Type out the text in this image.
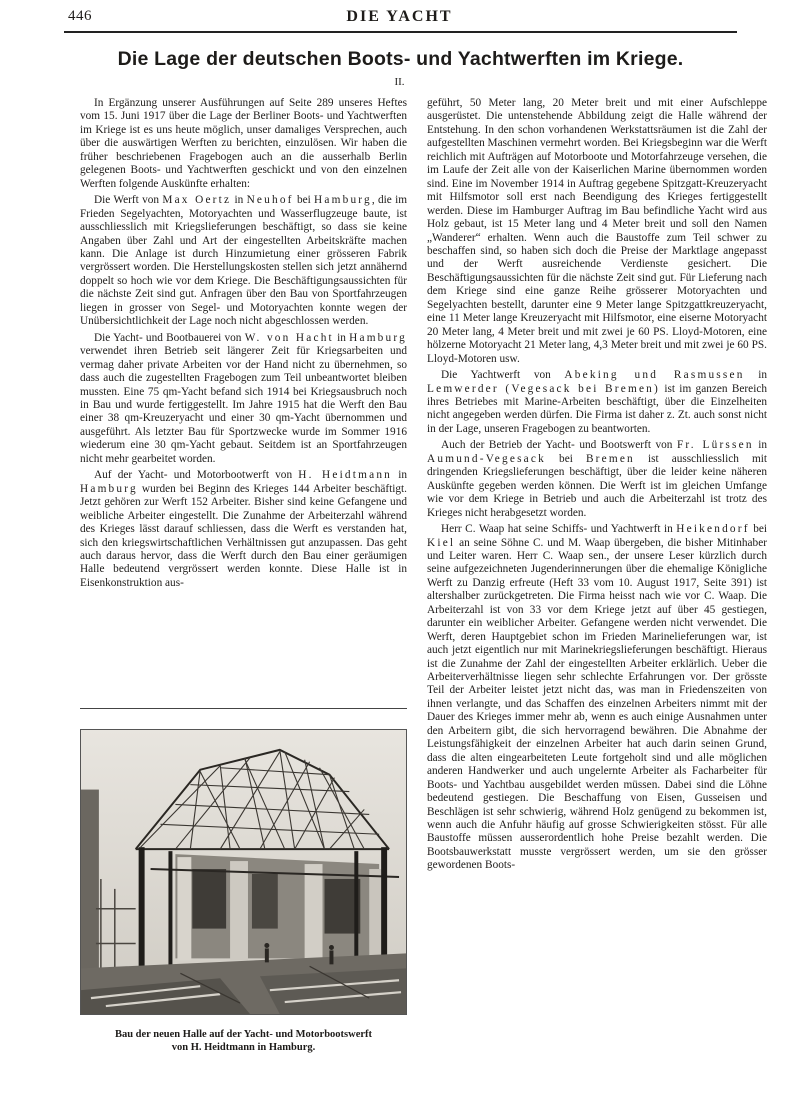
446	DIE YACHT
Die Lage der deutschen Boots- und Yachtwerften im Kriege.
II.

In Ergänzung unserer Ausführungen auf Seite 289 unseres Heftes vom 15. Juni 1917 über die Lage der Berliner Boots- und Yachtwerften im Kriege ist es uns heute möglich, unser damaliges Versprechen, auch über die auswärtigen Werften zu berichten, einzulösen. Wir haben die früher beschriebenen Fragebogen auch an die ausserhalb Berlin gelegenen Boots- und Yachtwerften geschickt und von den einzelnen Werften folgende Auskünfte erhalten:

Die Werft von Max Oertz in Neuhof bei Hamburg, die im Frieden Segelyachten, Motoryachten und Wasserflugzeuge baute, ist ausschliesslich mit Kriegslieferungen beschäftigt, so dass sie keine Angaben über Zahl und Art der eingestellten Arbeitskräfte machen kann. Die Anlage ist durch Hinzumietung einer grösseren Fabrik vergrössert worden. Die Herstellungskosten stellen sich jetzt annähernd doppelt so hoch wie vor dem Kriege. Die Beschäftigungsaussichten für die nächste Zeit sind gut. Anfragen über den Bau von Sportfahrzeugen liegen in grosser von Segel- und Motoryachten konnte wegen der Unübersichtlichkeit der Lage noch nicht abgeschlossen werden.

Die Yacht- und Bootbauerei von W. von Hacht in Hamburg verwendet ihren Betrieb seit längerer Zeit für Kriegsarbeiten und vermag daher private Arbeiten vor der Hand nicht zu übernehmen, so dass auch die zugestellten Fragebogen zum Teil unbeantwortet bleiben mussten. Eine 75 qm-Yacht befand sich 1914 bei Kriegsausbruch noch in Bau und wurde fertiggestellt. Im Jahre 1915 hat die Werft den Bau einer 38 qm-Kreuzeryacht und einer 30 qm-Yacht übernommen und ausgeführt. Als letzter Bau für Sportzwecke wurde im Sommer 1916 wiederum eine 30 qm-Yacht gebaut. Seitdem ist an Sportfahrzeugen nicht mehr gearbeitet worden.

Auf der Yacht- und Motorbootwerft von H. Heidtmann in Hamburg wurden bei Beginn des Krieges 144 Arbeiter beschäftigt. Jetzt gehören zur Werft 152 Arbeiter. Bisher sind keine Gefangene und weibliche Arbeiter eingestellt. Die Zunahme der Arbeiterzahl während des Krieges lässt darauf schliessen, dass die Werft es verstanden hat, sich den kriegswirtschaftlichen Verhältnissen gut anzupassen. Das geht auch daraus hervor, dass die Werft durch den Bau einer geräumigen Halle bedeutend vergrössert werden konnte. Diese Halle ist in Eisenkonstruktion aus-

Bau der neuen Halle auf der Yacht- und Motorbootswerft
von H. Heidtmann in Hamburg.

geführt, 50 Meter lang, 20 Meter breit und mit einer Aufschleppe ausgerüstet. Die untenstehende Abbildung zeigt die Halle während der Entstehung. In den schon vorhandenen Werkstattsräumen ist die Zahl der aufgestellten Maschinen vermehrt worden. Bei Kriegsbeginn war die Werft reichlich mit Aufträgen auf Motorboote und Motorfahrzeuge versehen, die im Laufe der Zeit alle von der Kaiserlichen Marine übernommen worden sind. Eine im November 1914 in Auftrag gegebene Spitzgatt-Kreuzeryacht mit Hilfsmotor soll erst nach Beendigung des Krieges fertiggestellt werden. Diese im Hamburger Auftrag im Bau befindliche Yacht wird aus Holz gebaut, ist 15 Meter lang und 4 Meter breit und soll den Namen „Wanderer“ erhalten. Wenn auch die Baustoffe zum Teil schwer zu beschaffen sind, so haben sich doch die Preise der Marktlage angepasst und der Werft ausreichende Verdienste gesichert. Die Beschäftigungsaussichten für die nächste Zeit sind gut. Für Lieferung nach dem Kriege sind eine ganze Reihe grösserer Motoryachten und Segelyachten bestellt, darunter eine 9 Meter lange Spitzgattkreuzeryacht, eine 11 Meter lange Kreuzeryacht mit Hilfsmotor, eine eiserne Motoryacht 20 Meter lang, 4 Meter breit und mit zwei je 60 PS. Lloyd-Motoren, eine hölzerne Motoryacht 21 Meter lang, 4,3 Meter breit und mit zwei je 60 PS. Lloyd-Motoren usw.

Die Yachtwerft von Abeking und Rasmussen in Lemwerder (Vegesack bei Bremen) ist im ganzen Bereich ihres Betriebes mit Marine-Arbeiten beschäftigt, über die Einzelheiten nicht angegeben werden dürfen. Die Firma ist daher z. Zt. auch sonst nicht in der Lage, unseren Fragebogen zu beantworten.

Auch der Betrieb der Yacht- und Bootswerft von Fr. Lürssen in Aumund-Vegesack bei Bremen ist ausschliesslich mit dringenden Kriegslieferungen beschäftigt, über die leider keine näheren Auskünfte gegeben werden können. Die Werft ist im gleichen Umfange wie vor dem Kriege in Betrieb und auch die Arbeiterzahl ist trotz des Krieges nicht herabgesetzt worden.

Herr C. Waap hat seine Schiffs- und Yachtwerft in Heikendorf bei Kiel an seine Söhne C. und M. Waap übergeben, die bisher Mitinhaber und Leiter waren. Herr C. Waap sen., der unsere Leser kürzlich durch seine aufgezeichneten Jugenderinnerungen über die ehemalige Königliche Werft zu Danzig erfreute (Heft 33 vom 10. August 1917, Seite 391) ist altershalber zurückgetreten. Die Firma heisst nach wie vor C. Waap. Die Arbeiterzahl ist von 33 vor dem Kriege jetzt auf über 45 gestiegen, darunter ein weiblicher Arbeiter. Gefangene werden nicht verwendet. Die Werft, deren Hauptgebiet schon im Frieden Marinelieferungen war, ist auch jetzt eigentlich nur mit Marinekriegslieferungen beschäftigt. Hieraus ist die Zunahme der Zahl der eingestellten Arbeiter erklärlich. Ueber die Arbeiterverhältnisse liegen sehr schlechte Erfahrungen vor. Der grösste Teil der Arbeiter leistet jetzt nicht das, was man in Friedenszeiten von ihnen verlangte, und das Schaffen des einzelnen Arbeiters nimmt mit der Dauer des Krieges immer mehr ab, wenn es auch einige Ausnahmen unter den Arbeitern gibt, die sich hervorragend bewähren. Die Abnahme der Leistungsfähigkeit der einzelnen Arbeiter hat auch darin seinen Grund, dass die alten eingearbeiteten Leute fortgeholt sind und alle möglichen anderen Handwerker und auch ungelernte Arbeiter als Facharbeiter für Boots- und Yachtbau ausgebildet werden müssen. Dabei sind die Löhne bedeutend gestiegen. Die Beschaffung von Eisen, Gusseisen und Beschlägen ist sehr schwierig, während Holz genügend zu bekommen ist, wenn auch die Anfuhr häufig auf grosse Schwierigkeiten stösst. Für alle Baustoffe müssen ausserordentlich hohe Preise bezahlt werden. Die Bootsbauwerkstatt musste vergrössert werden, um sie den grösser gewordenen Boots-
